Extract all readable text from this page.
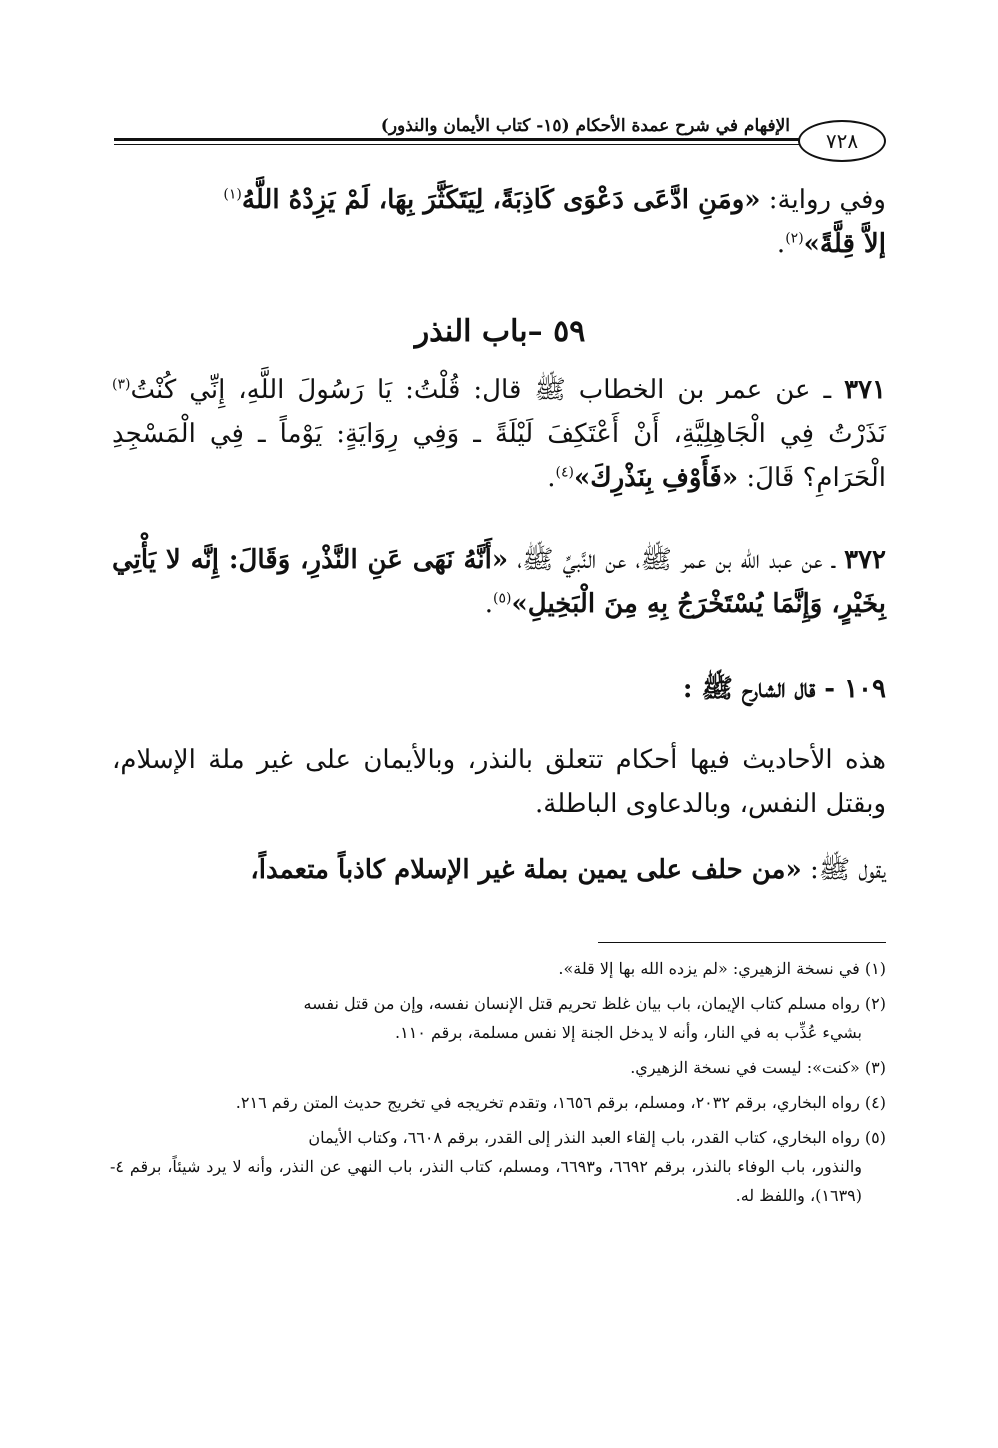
الإفهام في شرح عمدة الأحكام (١٥- كتاب الأيمان والنذور)
٧٢٨
وفي رواية: «ومَنِ ادَّعَى دَعْوَى كَاذِبَةً، لِيَتَكَثَّرَ بِهَا، لَمْ يَزِدْهُ اللَّهُ$^{(١)}$
إلاَّ قِلَّةً»$^{(٢)}$.
٥٩ –باب النذر
٣٧١ ـ عن عمر بن الخطاب ﷺ قال: قُلْتُ: يَا رَسُولَ اللَّهِ، إِنِّي كُنْتُ$^{(٣)}$ نَذَرْتُ فِي الْجَاهِلِيَّةِ، أَنْ أَعْتَكِفَ لَيْلَةً ـ وَفِي رِوَايَةٍ: يَوْماً ـ فِي الْمَسْجِدِ الْحَرَامِ؟ قَالَ: «فَأَوْفِ بِنَذْرِكَ»$^{(٤)}$.
٣٧٢ ـ عن عبد الله بن عمر ﷺ، عن النَّبيِّ ﷺ، «أَنَّهُ نَهَى عَنِ النَّذْرِ، وَقَالَ: إِنَّه لا يَأْتِي بِخَيْرٍ، وَإِنَّمَا يُسْتَخْرَجُ بِهِ مِنَ الْبَخِيلِ»$^{(٥)}$.
١٠٩ - قال الشارح ﷺ :
هذه الأحاديث فيها أحكام تتعلق بالنذر، وبالأيمان على غير ملة الإسلام، وبقتل النفس، وبالدعاوى الباطلة.
يقول ﷺ: «من حلف على يمين بملة غير الإسلام كاذباً متعمداً،
(١) في نسخة الزهيري: «لم يزده الله بها إلا قلة».
(٢) رواه مسلم كتاب الإيمان، باب بيان غلظ تحريم قتل الإنسان نفسه، وإن من قتل نفسه
بشيء عُذِّب به في النار، وأنه لا يدخل الجنة إلا نفس مسلمة، برقم ١١٠.
(٣) «كنت»: ليست في نسخة الزهيري.
(٤) رواه البخاري، برقم ٢٠٣٢، ومسلم، برقم ١٦٥٦، وتقدم تخريجه في تخريج حديث المتن رقم ٢١٦.
(٥) رواه البخاري، كتاب القدر، باب إلقاء العبد النذر إلى القدر، برقم ٦٦٠٨، وكتاب الأيمان
والنذور، باب الوفاء بالنذر، برقم ٦٦٩٢، و٦٦٩٣، ومسلم، كتاب النذر، باب النهي عن النذر، وأنه لا يرد شيئاً، برقم ٤- (١٦٣٩)، واللفظ له.
